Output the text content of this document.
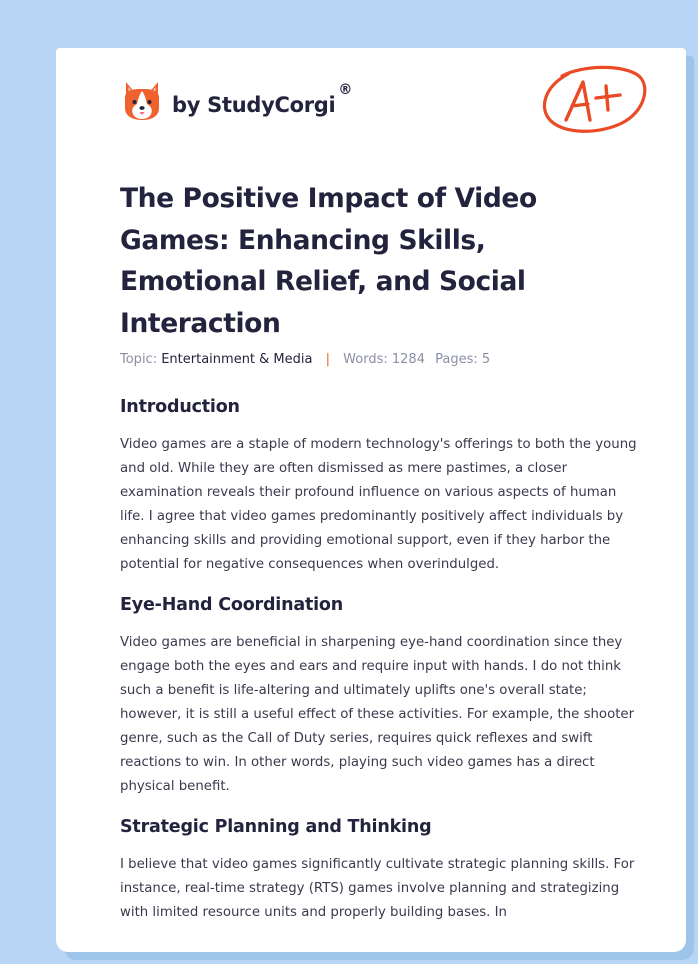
by StudyCorgi
®
The Positive Impact of Video Games: Enhancing Skills, Emotional Relief, and Social Interaction
Topic: Entertainment & Media | Words: 1284 Pages: 5
Introduction

Video games are a staple of modern technology's offerings to both the young and old. While they are often dismissed as mere pastimes, a closer examination reveals their profound influence on various aspects of human life. I agree that video games predominantly positively affect individuals by enhancing skills and providing emotional support, even if they harbor the potential for negative consequences when overindulged.

Eye-Hand Coordination

Video games are beneficial in sharpening eye-hand coordination since they engage both the eyes and ears and require input with hands. I do not think such a benefit is life-altering and ultimately uplifts one's overall state; however, it is still a useful effect of these activities. For example, the shooter genre, such as the Call of Duty series, requires quick reflexes and swift reactions to win. In other words, playing such video games has a direct physical benefit.

Strategic Planning and Thinking

I believe that video games significantly cultivate strategic planning skills. For instance, real-time strategy (RTS) games involve planning and strategizing with limited resource units and properly building bases. In
